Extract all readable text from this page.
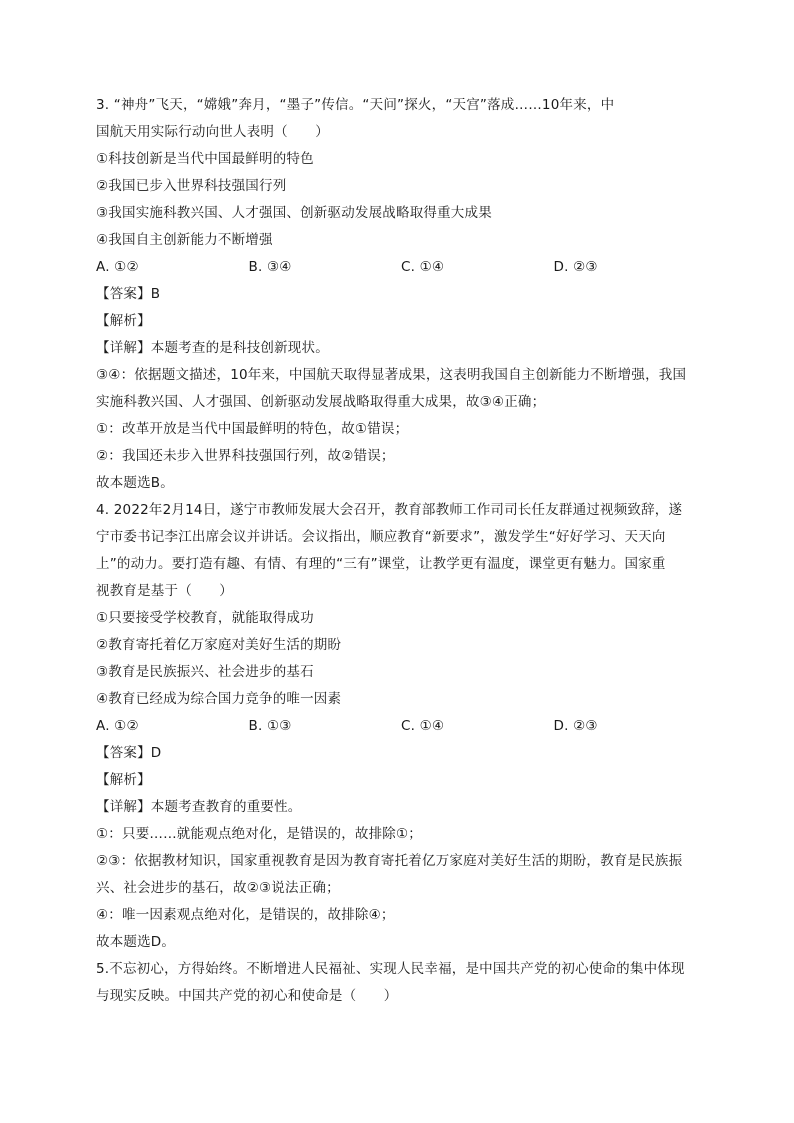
3. “神舟”飞天，“嫦娥”奔月，“墨子”传信。“天问”探火，“天宫”落成……10年来，中
国航天用实际行动向世人表明（　　）
①科技创新是当代中国最鲜明的特色
②我国已步入世界科技强国行列
③我国实施科教兴国、人才强国、创新驱动发展战略取得重大成果
④我国自主创新能力不断增强
A. ①②	B. ③④	C. ①④	D. ②③
【答案】B
【解析】
【详解】本题考查的是科技创新现状。
③④：依据题文描述，10年来，中国航天取得显著成果，这表明我国自主创新能力不断增强，我国
实施科教兴国、人才强国、创新驱动发展战略取得重大成果，故③④正确；
①：改革开放是当代中国最鲜明的特色，故①错误；
②：我国还未步入世界科技强国行列，故②错误；
故本题选B。
4. 2022年2月14日，遂宁市教师发展大会召开，教育部教师工作司司长任友群通过视频致辞，遂
宁市委书记李江出席会议并讲话。会议指出，顺应教育“新要求”，激发学生“好好学习、天天向
上”的动力。要打造有趣、有情、有理的“三有”课堂，让教学更有温度，课堂更有魅力。国家重
视教育是基于（　　）
①只要接受学校教育，就能取得成功
②教育寄托着亿万家庭对美好生活的期盼
③教育是民族振兴、社会进步的基石
④教育已经成为综合国力竞争的唯一因素
A. ①②	B. ①③	C. ①④	D. ②③
【答案】D
【解析】
【详解】本题考查教育的重要性。
①：只要……就能观点绝对化，是错误的，故排除①；
②③：依据教材知识，国家重视教育是因为教育寄托着亿万家庭对美好生活的期盼，教育是民族振
兴、社会进步的基石，故②③说法正确；
④：唯一因素观点绝对化，是错误的，故排除④；
故本题选D。
5.不忘初心，方得始终。不断增进人民福祉、实现人民幸福，是中国共产党的初心使命的集中体现
与现实反映。中国共产党的初心和使命是（　　）
